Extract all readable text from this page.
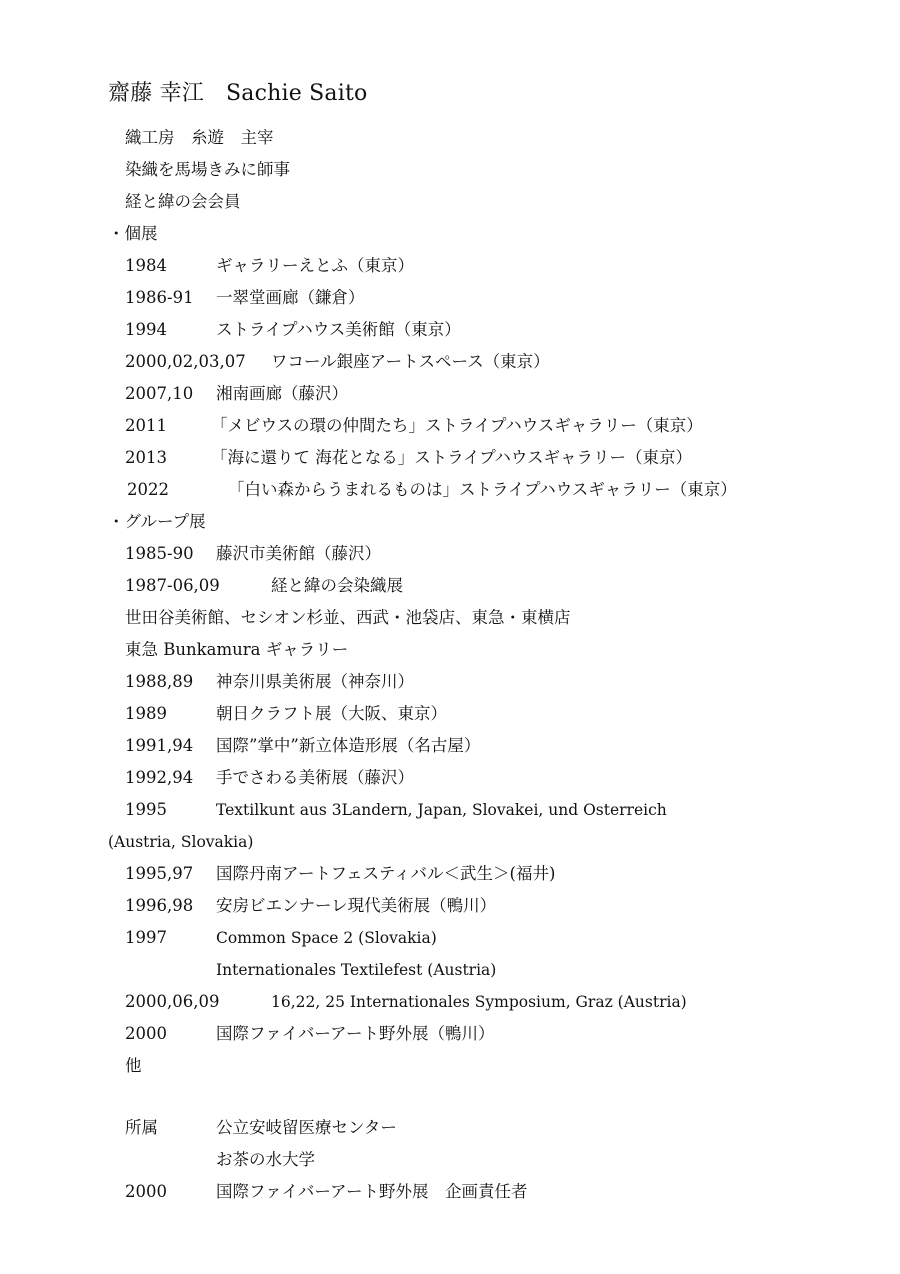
齋藤 幸江 Sachie Saito
織工房　糸遊　主宰
染織を馬場きみに師事
経と緯の会会員
・個展
1984	ギャラリーえとふ（東京）
1986-91 一翠堂画廊（鎌倉）
1994	ストライプハウス美術館（東京）
2000,02,03,07 ワコール銀座アートスペース（東京）
2007,10 湘南画廊（藤沢）
2011	「メビウスの環の仲間たち」ストライプハウスギャラリー（東京）
2013	「海に還りて 海花となる」ストライプハウスギャラリー（東京）
2022	「白い森からうまれるものは」ストライプハウスギャラリー（東京）
・グループ展
1985-90 藤沢市美術館（藤沢）
1987-06,09	経と緯の会染織展
世田谷美術館、セシオン杉並、西武・池袋店、東急・東横店
東急 Bunkamura ギャラリー
1988,89 神奈川県美術展（神奈川）
1989	朝日クラフト展（大阪、東京）
1991,94 国際”掌中”新立体造形展（名古屋）
1992,94 手でさわる美術展（藤沢）
1995	Textilkunt aus 3Landern, Japan, Slovakei, und Osterreich
(Austria, Slovakia)
1995,97 国際丹南アートフェスティバル＜武生＞(福井)
1996,98 安房ビエンナーレ現代美術展（鴨川）
1997	Common Space 2 (Slovakia)
Internationales Textilefest (Austria)
2000,06,09	16,22, 25 Internationales Symposium, Graz (Austria)
2000	国際ファイバーアート野外展（鴨川）
他
所属	公立安岐留医療センター
お茶の水大学
2000	国際ファイバーアート野外展　企画責任者
